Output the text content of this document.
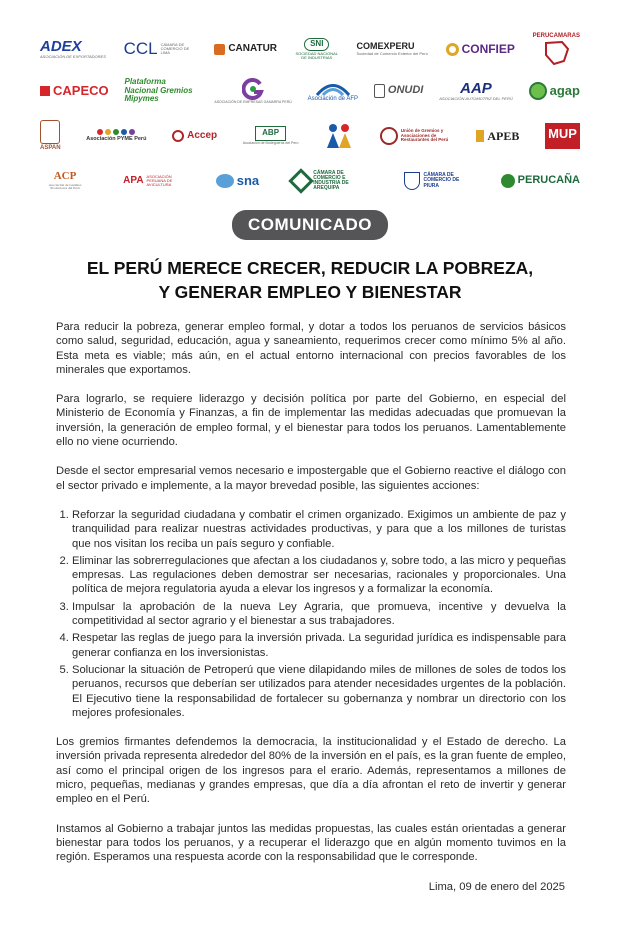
ADEX
ASOCIACIÓN DE EXPORTADORES CCL CÁMARA DE COMERCIO DE LIMA	CANATUR	SNI
SOCIEDAD NACIONAL DE INDUSTRIAS
COMEXPERU
Sociedad de Comercio Exterior del Perú	CONFIEP
PERUCAMARAS
CAPECO
Plataforma Nacional Gremios Mipymes	ASOCIACIÓN DE EMPRESAS GAMARRA PERÚ	Asociación de AFP
ONUDI AAP
ASOCIACIÓN AUTOMOTRIZ DEL PERÚ
agap
ASPAN
Asociación PYME Perú	Accep	ABP
Asociación de Bodegueros del Perú
Unión de Gremios y Asociaciones de Restaurantes del Perú	APEB MUP
ACP
Asociación de Gremios Productores del Perú
APA ASOCIACIÓN PERUANA DE AVICULTURA	sna
CÁMARA DE COMERCIO E INDUSTRIA DE AREQUIPA
CÁMARA DE COMERCIO DE PIURA	PERUCAÑA
COMUNICADO
EL PERÚ MERECE CRECER, REDUCIR LA POBREZA,
Y GENERAR EMPLEO Y BIENESTAR

Para reducir la pobreza, generar empleo formal, y dotar a todos los peruanos de servicios básicos como salud, seguridad, educación, agua y saneamiento, requerimos crecer como mínimo 5% al año. Esta meta es viable; más aún, en el actual entorno internacional con precios favorables de los minerales que exportamos.

Para lograrlo, se requiere liderazgo y decisión política por parte del Gobierno, en especial del Ministerio de Economía y Finanzas, a fin de implementar las medidas adecuadas que promuevan la inversión, la generación de empleo formal, y el bienestar para todos los peruanos. Lamentablemente ello no viene ocurriendo.

Desde el sector empresarial vemos necesario e impostergable que el Gobierno reactive el diálogo con el sector privado e implemente, a la mayor brevedad posible, las siguientes acciones:

1. Reforzar la seguridad ciudadana y combatir el crimen organizado. Exigimos un ambiente de paz y tranquilidad para realizar nuestras actividades productivas, y para que a los millones de turistas que nos visitan los reciba un país seguro y confiable.
2. Eliminar las sobrerregulaciones que afectan a los ciudadanos y, sobre todo, a las micro y pequeñas empresas. Las regulaciones deben demostrar ser necesarias, racionales y proporcionales. Una política de mejora regulatoria ayuda a elevar los ingresos y a formalizar la economía.
3. Impulsar la aprobación de la nueva Ley Agraria, que promueva, incentive y devuelva la competitividad al sector agrario y el bienestar a sus trabajadores.
4. Respetar las reglas de juego para la inversión privada. La seguridad jurídica es indispensable para generar confianza en los inversionistas.
5. Solucionar la situación de Petroperú que viene dilapidando miles de millones de soles de todos los peruanos, recursos que deberían ser utilizados para atender necesidades urgentes de la población. El Ejecutivo tiene la responsabilidad de fortalecer su gobernanza y nombrar un directorio con los mejores profesionales.

Los gremios firmantes defendemos la democracia, la institucionalidad y el Estado de derecho. La inversión privada representa alrededor del 80% de la inversión en el país, es la gran fuente de empleo, así como el principal origen de los ingresos para el erario. Además, representamos a millones de micro, pequeñas, medianas y grandes empresas, que día a día afrontan el reto de invertir y generar empleo en el Perú.

Instamos al Gobierno a trabajar juntos las medidas propuestas, las cuales están orientadas a generar bienestar para todos los peruanos, y a recuperar el liderazgo que en algún momento tuvimos en la región. Esperamos una respuesta acorde con la responsabilidad que le corresponde.

Lima, 09 de enero del 2025
